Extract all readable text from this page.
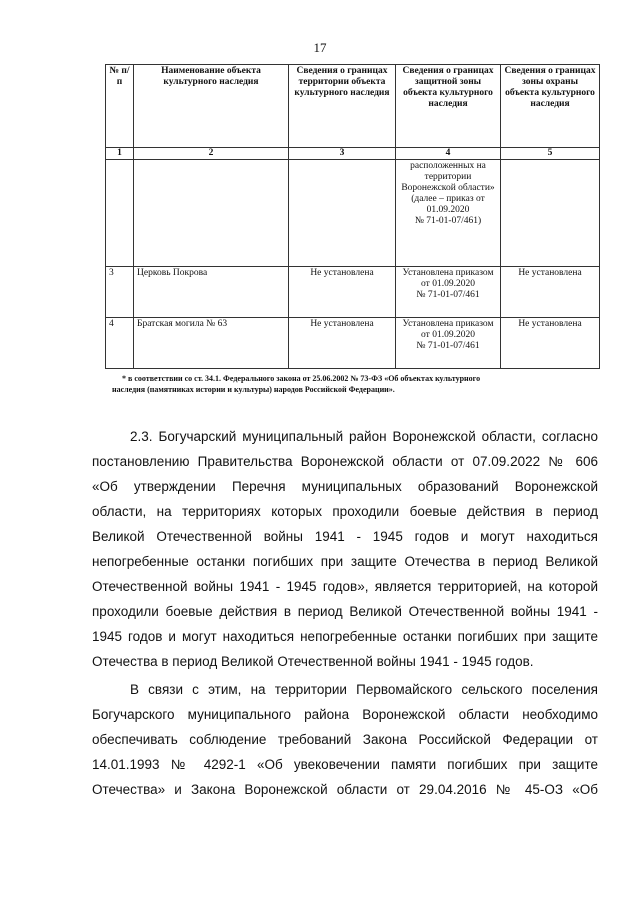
17
№ п/п	Наименование объекта культурного наследия	Сведения о границах территории объекта культурного наследия	Сведения о границах защитной зоны объекта культурного наследия	Сведения о границах зоны охраны объекта культурного наследия
1	2	3	4	5
			расположенных на территории Воронежской области»
(далее – приказ от 01.09.2020
№ 71-01-07/461)	
3	Церковь Покрова	Не установлена	Установлена приказом
от 01.09.2020
№ 71-01-07/461	Не установлена
4	Братская могила № 63	Не установлена	Установлена приказом
от 01.09.2020
№ 71-01-07/461	Не установлена
* в соответствии со ст. 34.1. Федерального закона от 25.06.2002 № 73-ФЗ «Об объектах культурного
наследия (памятниках истории и культуры) народов Российской Федерации».
2.3. Богучарский муниципальный район Воронежской области, согласно
постановлению Правительства Воронежской области от 07.09.2022 № 606
«Об утверждении Перечня муниципальных образований Воронежской
области, на территориях которых проходили боевые действия в период
Великой Отечественной войны 1941 - 1945 годов и могут находиться
непогребенные останки погибших при защите Отечества в период Великой
Отечественной войны 1941 - 1945 годов», является территорией, на которой
проходили боевые действия в период Великой Отечественной войны 1941 -
1945 годов и могут находиться непогребенные останки погибших при защите
Отечества в период Великой Отечественной войны 1941 - 1945 годов.
В связи с этим, на территории Первомайского сельского поселения
Богучарского муниципального района Воронежской области необходимо
обеспечивать соблюдение требований Закона Российской Федерации от
14.01.1993 № 4292-1 «Об увековечении памяти погибших при защите
Отечества» и Закона Воронежской области от 29.04.2016 № 45-ОЗ «Об
